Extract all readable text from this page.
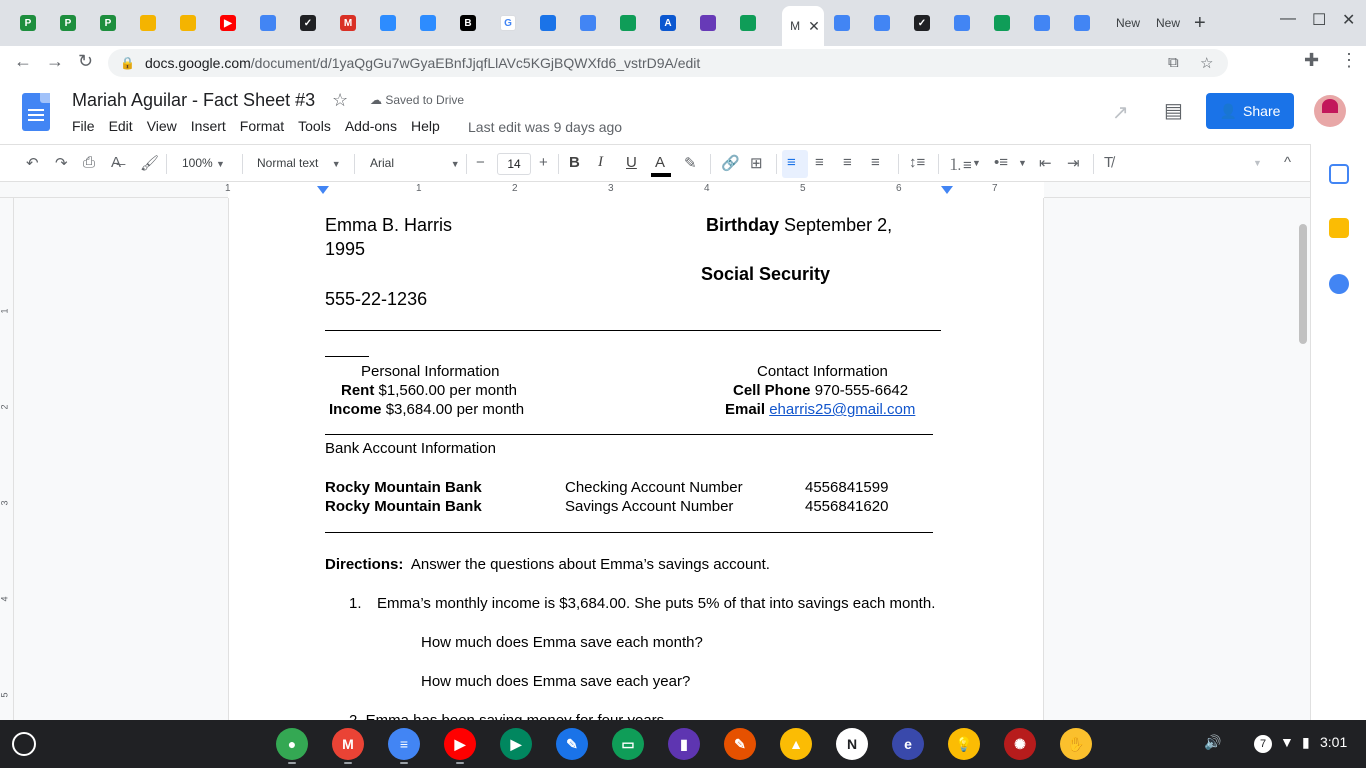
P	P	P	▶	✓	M	B	G	A	M ✕	✓	New New +	— ☐ ✕
← → ↻ 🔒 docs.google.com /document/d/1yaQgGu7wGyaEBnfJjqfLlAVc5KGjBQWXfd6_vstrD9A/edit	⧉ ☆	✚ ⋮
Mariah Aguilar - Fact Sheet #3 ☆ ☁ Saved to Drive
File Edit View Insert Format Tools Add-ons Help Last edit was 9 days ago
↗ ▤	👤 Share
↶ ↷ ⎙ A̶ 🖌 100% ▼	Normal text ▼ Arial	▼ −	14	+ B I U A ✎ 🔗 ⊞ ≡ ≡ ≡ ≡ ↕≡ ⒈≡ ▼ •≡ ▼ ⇤ ⇥ T̸	▼ ^
1	1	2	3	4	5	6	7
1
2
3
4
5
Emma B. Harris	Birthday September 2,
1995
Social Security
555-22-1236
Personal Information
Rent $1,560.00 per month
Income $3,684.00 per month
Contact Information
Cell Phone 970-555-6642
Email eharris25@gmail.com
Bank Account Information
Rocky Mountain Bank	Checking Account Number	4556841599
Rocky Mountain Bank	Savings Account Number	4556841620
Directions: Answer the questions about Emma’s savings account.
1. Emma’s monthly income is $3,684.00. She puts 5% of that into savings each month.
How much does Emma save each month?
How much does Emma save each year?
🔊	7 ▼ ▮ 3:01
●	M	≡	▶	▶	✎	▭	▮	✎	▲	N	e	💡	✺	✋
